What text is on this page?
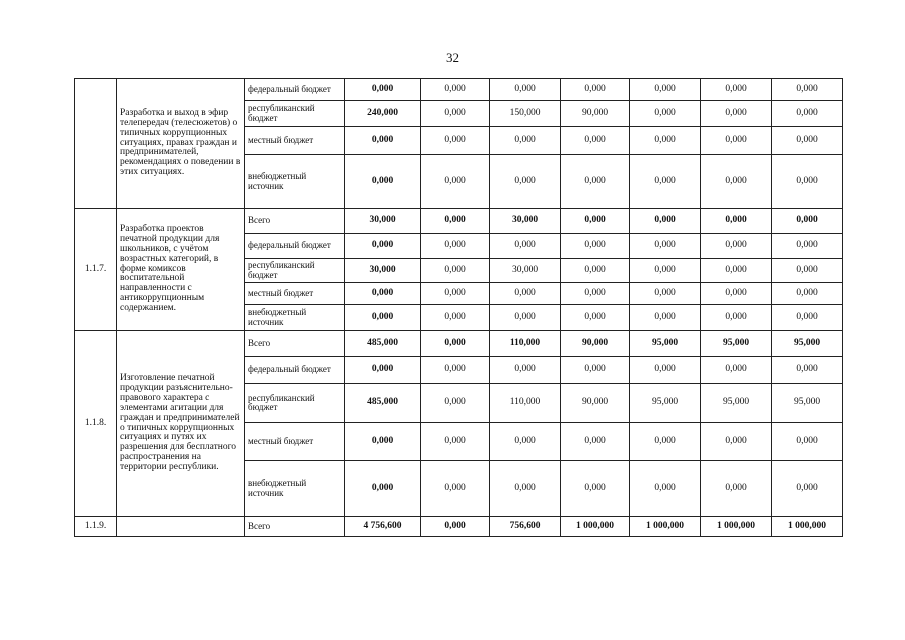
32
	Разработка и выход в эфир телепередач (телесюжетов) о типичных коррупционных ситуациях, правах граждан и предпринимателей, рекомендациях о поведении в этих ситуациях.	федеральный бюджет	0,000	0,000	0,000	0,000	0,000	0,000	0,000
		республиканский бюджет	240,000	0,000	150,000	90,000	0,000	0,000	0,000
		местный бюджет	0,000	0,000	0,000	0,000	0,000	0,000	0,000
		внебюджетный источник	0,000	0,000	0,000	0,000	0,000	0,000	0,000
1.1.7.	Разработка проектов печатной продукции для школьников, с учётом возрастных категорий, в форме комиксов воспитательной направленности с антикоррупционным содержанием.	Всего	30,000	0,000	30,000	0,000	0,000	0,000	0,000
		федеральный бюджет	0,000	0,000	0,000	0,000	0,000	0,000	0,000
		республиканский бюджет	30,000	0,000	30,000	0,000	0,000	0,000	0,000
		местный бюджет	0,000	0,000	0,000	0,000	0,000	0,000	0,000
		внебюджетный источник	0,000	0,000	0,000	0,000	0,000	0,000	0,000
1.1.8.	Изготовление печатной продукции разъяснительно-правового характера с элементами агитации для граждан и предпринимателей о типичных коррупционных ситуациях и путях их разрешения для бесплатного распространения на территории республики.	Всего	485,000	0,000	110,000	90,000	95,000	95,000	95,000
		федеральный бюджет	0,000	0,000	0,000	0,000	0,000	0,000	0,000
		республиканский бюджет	485,000	0,000	110,000	90,000	95,000	95,000	95,000
		местный бюджет	0,000	0,000	0,000	0,000	0,000	0,000	0,000
		внебюджетный источник	0,000	0,000	0,000	0,000	0,000	0,000	0,000
1.1.9.		Всего	4 756,600	0,000	756,600	1 000,000	1 000,000	1 000,000	1 000,000
